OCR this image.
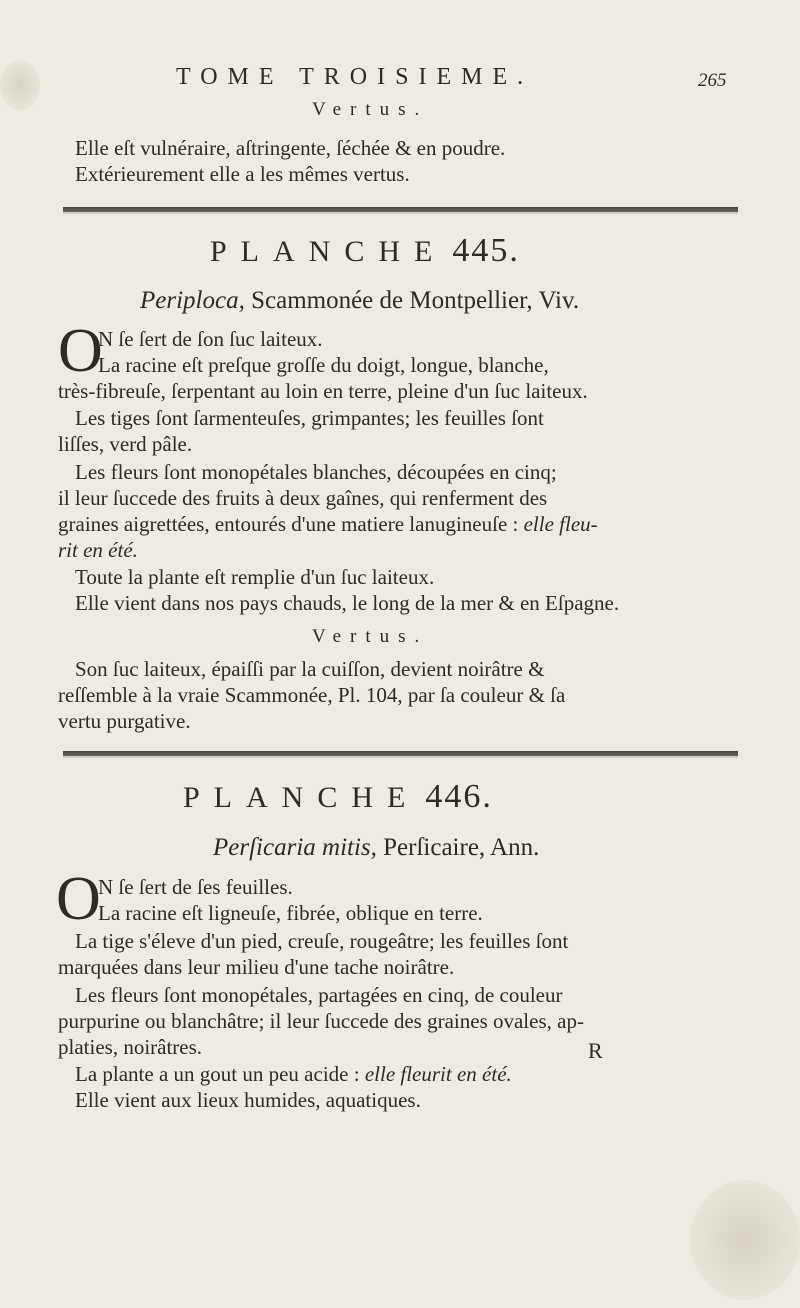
TOME TROISIEME.	265
Vertus.
Elle eſt vulnéraire, aſtringente, ſéchée & en poudre.
Extérieurement elle a les mêmes vertus.
PLANCHE 445.
Periploca, Scammonée de Montpellier, Viv.
O
N ſe ſert de ſon ſuc laiteux.
La racine eſt preſque groſſe du doigt, longue, blanche,
très-fibreuſe, ſerpentant au loin en terre, pleine d'un ſuc laiteux.
Les tiges ſont ſarmenteuſes, grimpantes; les feuilles ſont
liſſes, verd pâle.
Les fleurs ſont monopétales blanches, découpées en cinq;
il leur ſuccede des fruits à deux gaînes, qui renferment des
graines aigrettées, entourés d'une matiere lanugineuſe : elle fleu-
rit en été.
Toute la plante eſt remplie d'un ſuc laiteux.
Elle vient dans nos pays chauds, le long de la mer & en Eſpagne.
Vertus.
Son ſuc laiteux, épaiſſi par la cuiſſon, devient noirâtre &
reſſemble à la vraie Scammonée, Pl. 104, par ſa couleur & ſa
vertu purgative.
PLANCHE 446.
Perſicaria mitis, Perſicaire, Ann.
O
N ſe ſert de ſes feuilles.
La racine eſt ligneuſe, fibrée, oblique en terre.
La tige s'éleve d'un pied, creuſe, rougeâtre; les feuilles ſont
marquées dans leur milieu d'une tache noirâtre.
Les fleurs ſont monopétales, partagées en cinq, de couleur
purpurine ou blanchâtre; il leur ſuccede des graines ovales, ap-
platies, noirâtres.
La plante a un gout un peu acide : elle fleurit en été.
Elle vient aux lieux humides, aquatiques.
R
